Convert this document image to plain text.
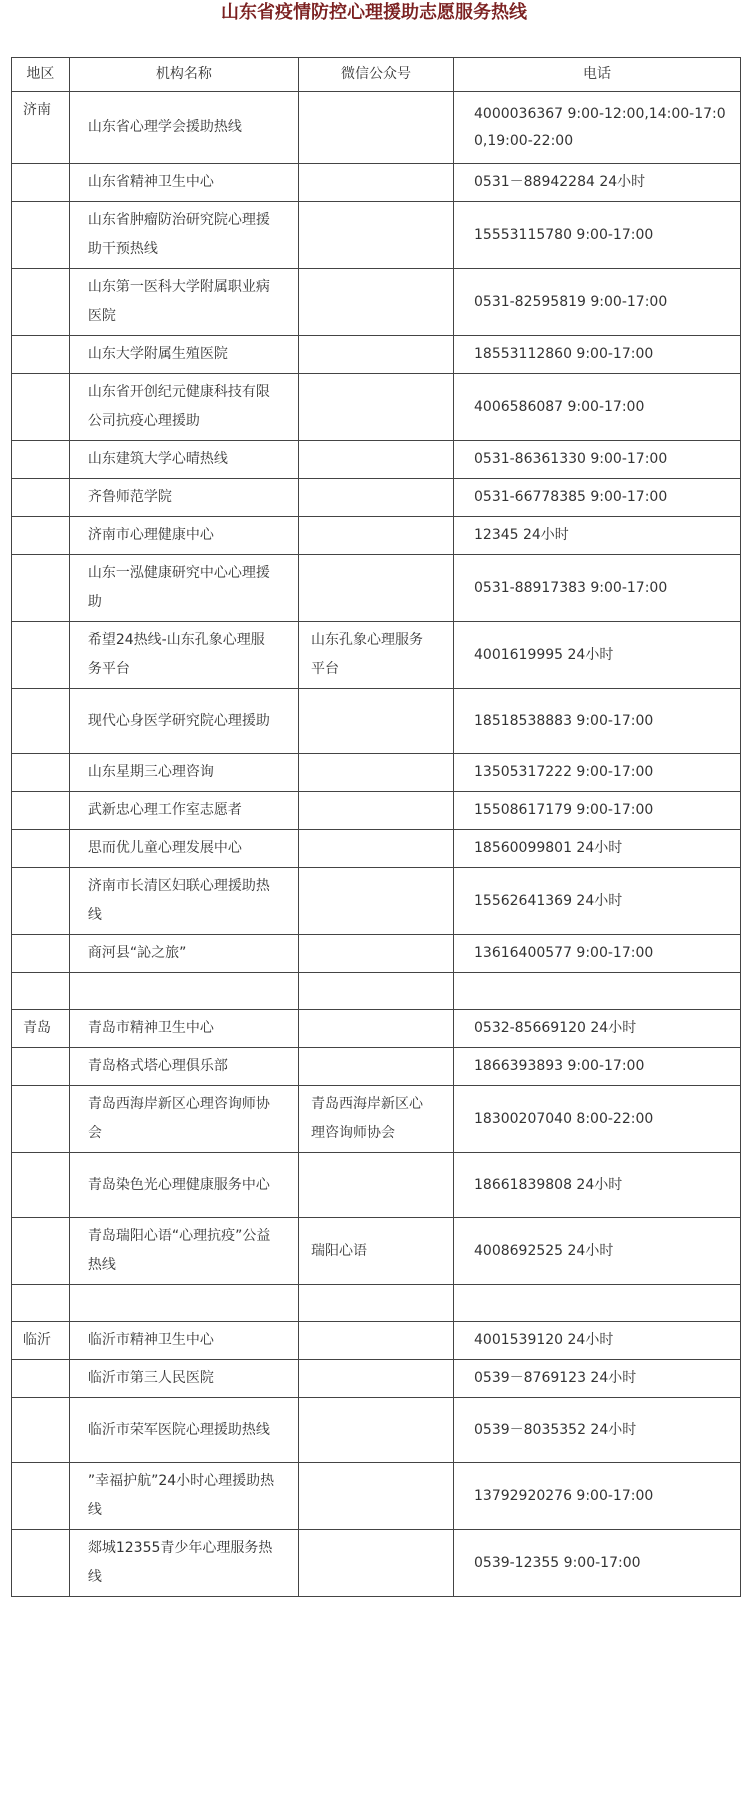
山东省疫情防控心理援助志愿服务热线
地区	机构名称	微信公众号	电话
济南	山东省心理学会援助热线		4000036367 9:00-12:00,14:00-17:00,19:00-22:00
	山东省精神卫生中心		0531－88942284 24小时
	山东省肿瘤防治研究院心理援助干预热线		15553115780 9:00-17:00
	山东第一医科大学附属职业病医院		0531-82595819 9:00-17:00
	山东大学附属生殖医院		18553112860 9:00-17:00
	山东省开创纪元健康科技有限公司抗疫心理援助		4006586087 9:00-17:00
	山东建筑大学心晴热线		0531-86361330 9:00-17:00
	齐鲁师范学院		0531-66778385 9:00-17:00
	济南市心理健康中心		12345 24小时
	山东一泓健康研究中心心理援助		0531-88917383 9:00-17:00
	希望24热线-山东孔象心理服务平台	山东孔象心理服务平台	4001619995 24小时
	现代心身医学研究院心理援助		18518538883 9:00-17:00
	山东星期三心理咨询		13505317222 9:00-17:00
	武新忠心理工作室志愿者		15508617179 9:00-17:00
	思而优儿童心理发展中心		18560099801 24小时
	济南市长清区妇联心理援助热线		15562641369 24小时
	商河县“訫之旅”		13616400577 9:00-17:00

青岛	青岛市精神卫生中心		0532-85669120 24小时
	青岛格式塔心理俱乐部		1866393893 9:00-17:00
	青岛西海岸新区心理咨询师协会	青岛西海岸新区心理咨询师协会	18300207040 8:00-22:00
	青岛染色光心理健康服务中心		18661839808 24小时
	青岛瑞阳心语“心理抗疫”公益热线	瑞阳心语	4008692525 24小时

临沂	临沂市精神卫生中心		4001539120 24小时
	临沂市第三人民医院		0539－8769123 24小时
	临沂市荣军医院心理援助热线		0539－8035352 24小时
	”幸福护航”24小时心理援助热线		13792920276 9:00-17:00
	郯城12355青少年心理服务热线		0539-12355 9:00-17:00
